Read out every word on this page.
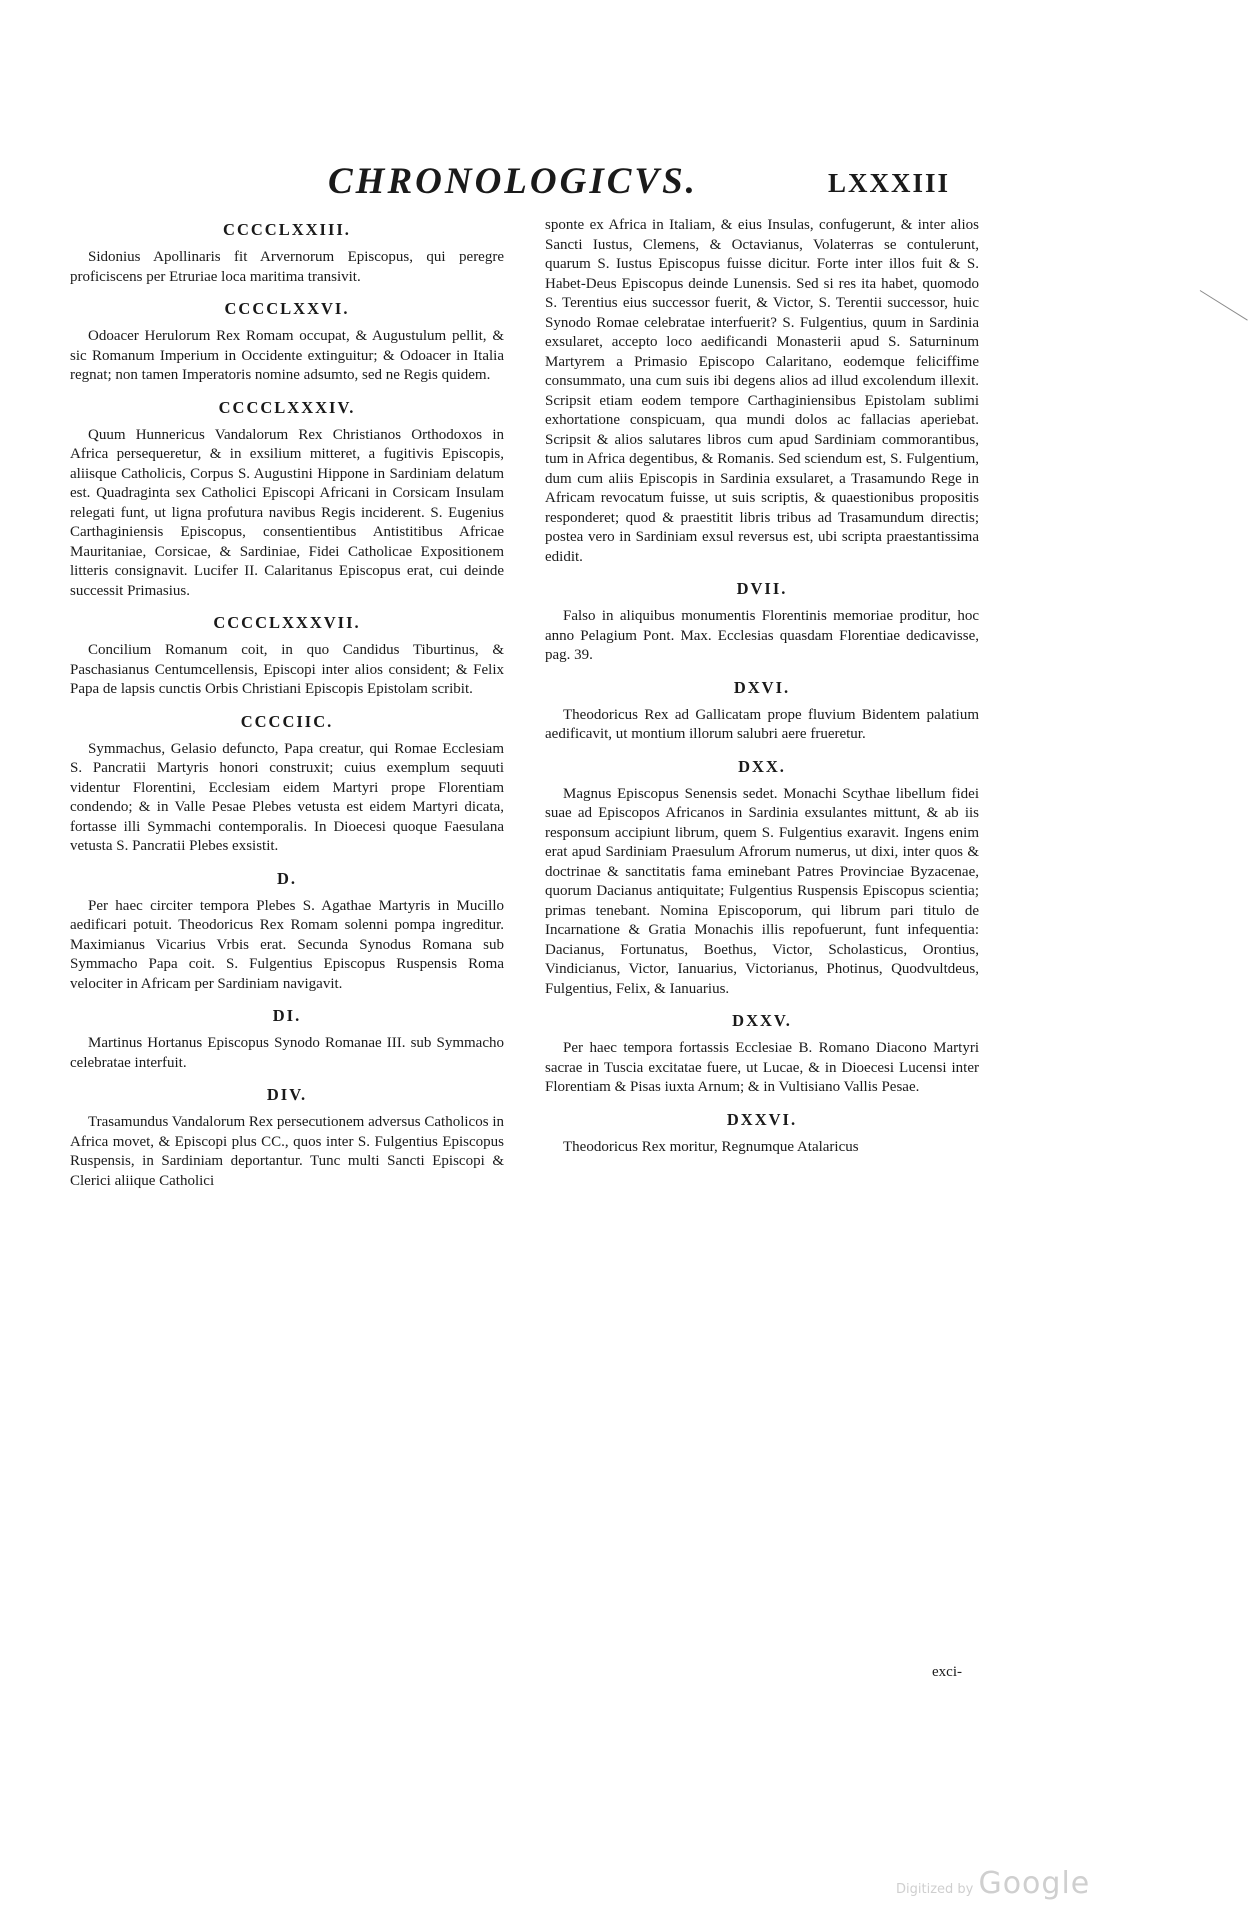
CHRONOLOGICVS.	LXXXIII
CCCCLXXIII.

Sidonius Apollinaris fit Arvernorum Episcopus, qui peregre proficiscens per Etruriae loca maritima transivit.

CCCCLXXVI.

Odoacer Herulorum Rex Romam occupat, & Augustulum pellit, & sic Romanum Imperium in Occidente extinguitur; & Odoacer in Italia regnat; non tamen Imperatoris nomine adsumto, sed ne Regis quidem.

CCCCLXXXIV.

Quum Hunnericus Vandalorum Rex Christianos Orthodoxos in Africa persequeretur, & in exsilium mitteret, a fugitivis Episcopis, aliisque Catholicis, Corpus S. Augustini Hippone in Sardiniam delatum est. Quadraginta sex Catholici Episcopi Africani in Corsicam Insulam relegati funt, ut ligna profutura navibus Regis inciderent. S. Eugenius Carthaginiensis Episcopus, consentientibus Antistitibus Africae Mauritaniae, Corsicae, & Sardiniae, Fidei Catholicae Expositionem litteris consignavit. Lucifer II. Calaritanus Episcopus erat, cui deinde successit Primasius.

CCCCLXXXVII.

Concilium Romanum coit, in quo Candidus Tiburtinus, & Paschasianus Centumcellensis, Episcopi inter alios consident; & Felix Papa de lapsis cunctis Orbis Christiani Episcopis Epistolam scribit.

CCCCIIC.

Symmachus, Gelasio defuncto, Papa creatur, qui Romae Ecclesiam S. Pancratii Martyris honori construxit; cuius exemplum sequuti videntur Florentini, Ecclesiam eidem Martyri prope Florentiam condendo; & in Valle Pesae Plebes vetusta est eidem Martyri dicata, fortasse illi Symmachi contemporalis. In Dioecesi quoque Faesulana vetusta S. Pancratii Plebes exsistit.

D.

Per haec circiter tempora Plebes S. Agathae Martyris in Mucillo aedificari potuit. Theodoricus Rex Romam solenni pompa ingreditur. Maximianus Vicarius Vrbis erat. Secunda Synodus Romana sub Symmacho Papa coit. S. Fulgentius Episcopus Ruspensis Roma velociter in Africam per Sardiniam navigavit.

DI.

Martinus Hortanus Episcopus Synodo Romanae III. sub Symmacho celebratae interfuit.

DIV.

Trasamundus Vandalorum Rex persecutionem adversus Catholicos in Africa movet, & Episcopi plus CC., quos inter S. Fulgentius Episcopus Ruspensis, in Sardiniam deportantur. Tunc multi Sancti Episcopi & Clerici aliique Catholici

sponte ex Africa in Italiam, & eius Insulas, confugerunt, & inter alios Sancti Iustus, Clemens, & Octavianus, Volaterras se contulerunt, quarum S. Iustus Episcopus fuisse dicitur. Forte inter illos fuit & S. Habet-Deus Episcopus deinde Lunensis. Sed si res ita habet, quomodo S. Terentius eius successor fuerit, & Victor, S. Terentii successor, huic Synodo Romae celebratae interfuerit? S. Fulgentius, quum in Sardinia exsularet, accepto loco aedificandi Monasterii apud S. Saturninum Martyrem a Primasio Episcopo Calaritano, eodemque feliciffime consummato, una cum suis ibi degens alios ad illud excolendum illexit. Scripsit etiam eodem tempore Carthaginiensibus Epistolam sublimi exhortatione conspicuam, qua mundi dolos ac fallacias aperiebat. Scripsit & alios salutares libros cum apud Sardiniam commorantibus, tum in Africa degentibus, & Romanis. Sed sciendum est, S. Fulgentium, dum cum aliis Episcopis in Sardinia exsularet, a Trasamundo Rege in Africam revocatum fuisse, ut suis scriptis, & quaestionibus propositis responderet; quod & praestitit libris tribus ad Trasamundum directis; postea vero in Sardiniam exsul reversus est, ubi scripta praestantissima edidit.

DVII.

Falso in aliquibus monumentis Florentinis memoriae proditur, hoc anno Pelagium Pont. Max. Ecclesias quasdam Florentiae dedicavisse, pag. 39.

DXVI.

Theodoricus Rex ad Gallicatam prope fluvium Bidentem palatium aedificavit, ut montium illorum salubri aere frueretur.

DXX.

Magnus Episcopus Senensis sedet. Monachi Scythae libellum fidei suae ad Episcopos Africanos in Sardinia exsulantes mittunt, & ab iis responsum accipiunt librum, quem S. Fulgentius exaravit. Ingens enim erat apud Sardiniam Praesulum Afrorum numerus, ut dixi, inter quos & doctrinae & sanctitatis fama eminebant Patres Provinciae Byzacenae, quorum Dacianus antiquitate; Fulgentius Ruspensis Episcopus scientia; primas tenebant. Nomina Episcoporum, qui librum pari titulo de Incarnatione & Gratia Monachis illis repofuerunt, funt infequentia: Dacianus, Fortunatus, Boethus, Victor, Scholasticus, Orontius, Vindicianus, Victor, Ianuarius, Victorianus, Photinus, Quodvultdeus, Fulgentius, Felix, & Ianuarius.

DXXV.

Per haec tempora fortassis Ecclesiae B. Romano Diacono Martyri sacrae in Tuscia excitatae fuere, ut Lucae, & in Dioecesi Lucensi inter Florentiam & Pisas iuxta Arnum; & in Vultisiano Vallis Pesae.

DXXVI.

Theodoricus Rex moritur, Regnumque Atalaricus

exci-
Digitized by Google
